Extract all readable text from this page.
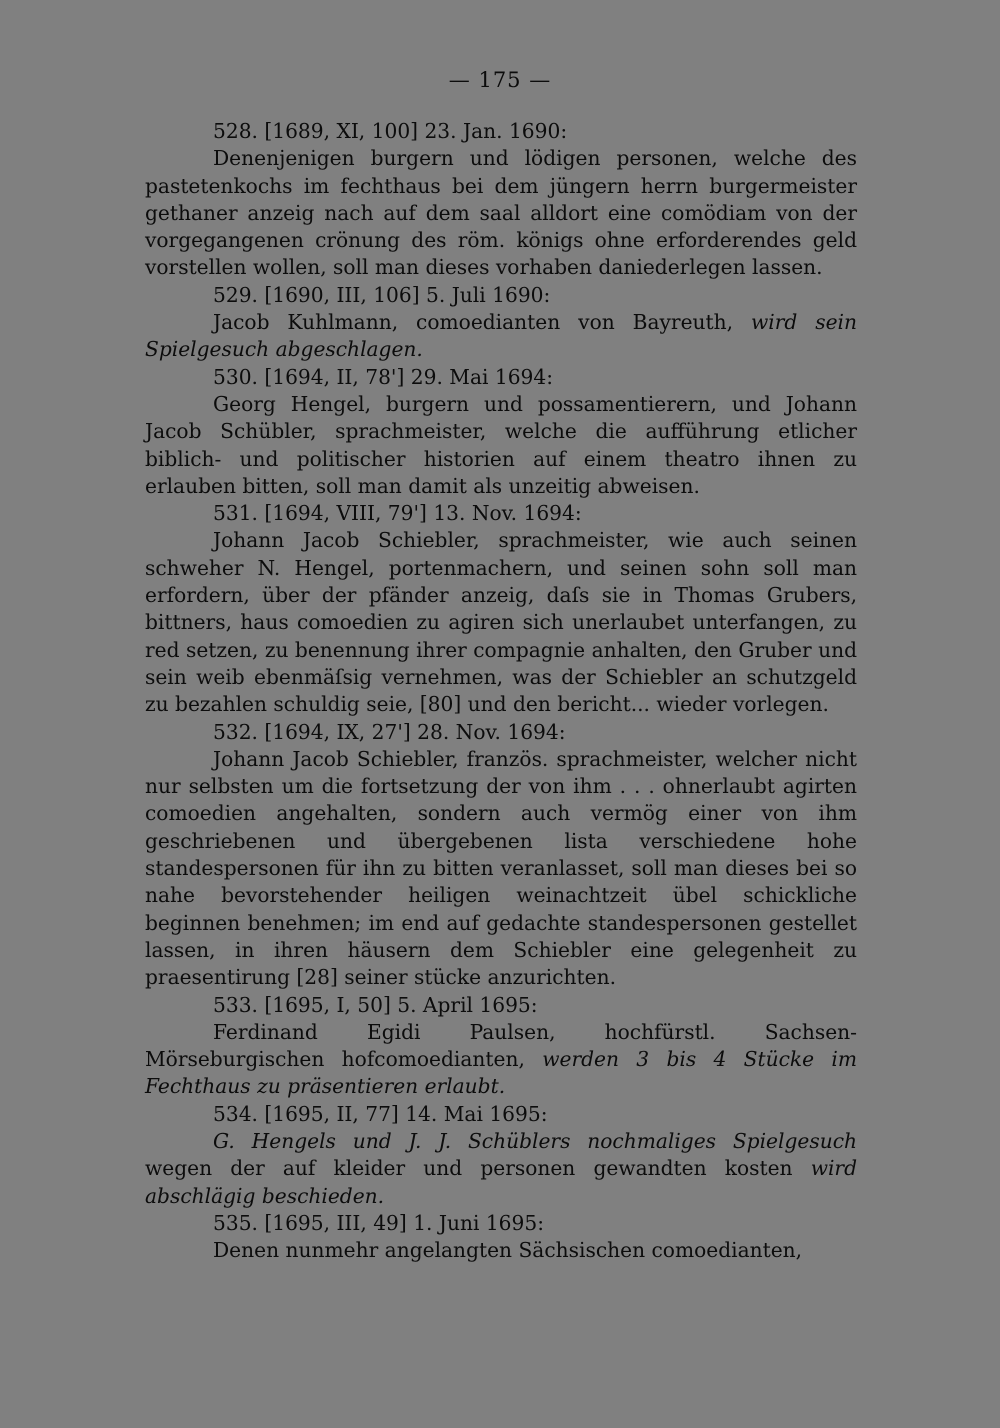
— 175 —

528. [1689, XI, 100] 23. Jan. 1690:

Denenjenigen burgern und lödigen personen, welche des pastetenkochs im fechthaus bei dem jüngern herrn burgermeister gethaner anzeig nach auf dem saal alldort eine comödiam von der vorgegangenen crönung des röm. königs ohne erforderendes geld vorstellen wollen, soll man dieses vorhaben daniederlegen lassen.

529. [1690, III, 106] 5. Juli 1690:

Jacob Kuhlmann, comoedianten von Bayreuth, wird sein Spielgesuch abgeschlagen.

530. [1694, II, 78'] 29. Mai 1694:

Georg Hengel, burgern und possamentierern, und Johann Jacob Schübler, sprachmeister, welche die aufführung etlicher biblich- und politischer historien auf einem theatro ihnen zu erlauben bitten, soll man damit als unzeitig abweisen.

531. [1694, VIII, 79'] 13. Nov. 1694:

Johann Jacob Schiebler, sprachmeister, wie auch seinen schweher N. Hengel, portenmachern, und seinen sohn soll man erfordern, über der pfänder anzeig, daſs sie in Thomas Grubers, bittners, haus comoedien zu agiren sich unerlaubet unterfangen, zu red setzen, zu benennung ihrer compagnie anhalten, den Gruber und sein weib ebenmäſsig vernehmen, was der Schiebler an schutzgeld zu bezahlen schuldig seie, [80] und den bericht... wieder vorlegen.

532. [1694, IX, 27'] 28. Nov. 1694:

Johann Jacob Schiebler, französ. sprachmeister, welcher nicht nur selbsten um die fortsetzung der von ihm . . . ohnerlaubt agirten comoedien angehalten, sondern auch vermög einer von ihm geschriebenen und übergebenen lista verschiedene hohe standespersonen für ihn zu bitten veranlasset, soll man dieses bei so nahe bevorstehender heiligen weinachtzeit übel schickliche beginnen benehmen; im end auf gedachte standespersonen gestellet lassen, in ihren häusern dem Schiebler eine gelegenheit zu praesentirung [28] seiner stücke anzurichten.

533. [1695, I, 50] 5. April 1695:

Ferdinand Egidi Paulsen, hochfürstl. Sachsen-Mörseburgischen hofcomoedianten, werden 3 bis 4 Stücke im Fechthaus zu präsentieren erlaubt.

534. [1695, II, 77] 14. Mai 1695:

G. Hengels und J. J. Schüblers nochmaliges Spielgesuch wegen der auf kleider und personen gewandten kosten wird abschlägig beschieden.

535. [1695, III, 49] 1. Juni 1695:

Denen nunmehr angelangten Sächsischen comoedianten,
